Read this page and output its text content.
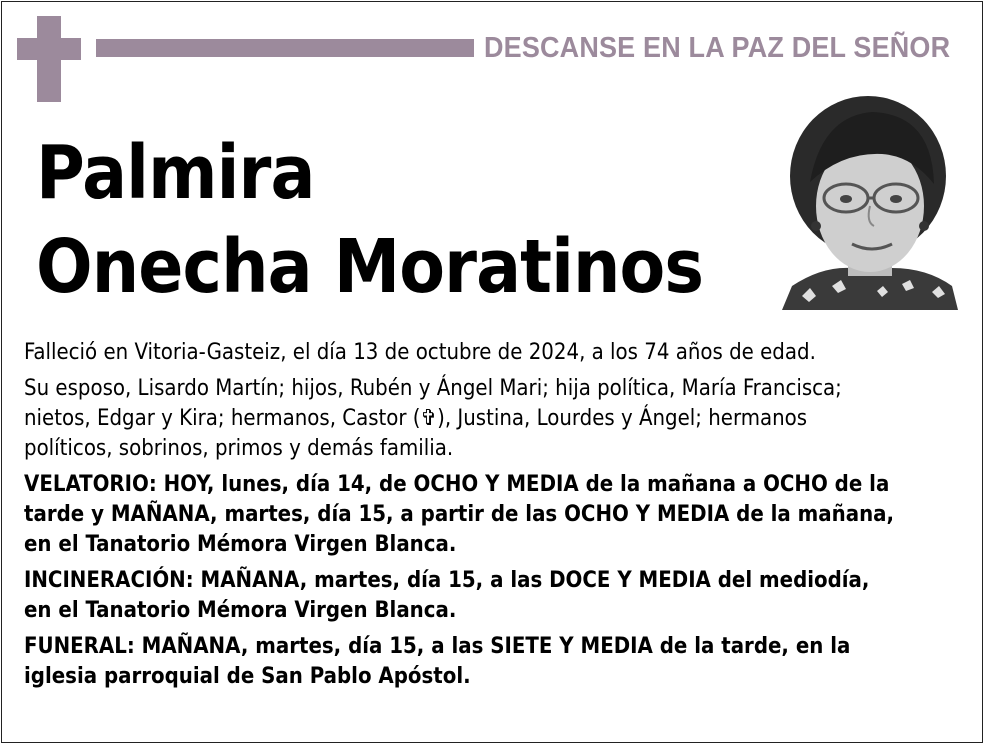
DESCANSE EN LA PAZ DEL SEÑOR
Palmira
Onecha Moratinos
Falleció en Vitoria-Gasteiz, el día 13 de octubre de 2024, a los 74 años de edad.
Su esposo, Lisardo Martín; hijos, Rubén y Ángel Mari; hija política, María Francisca;
nietos, Edgar y Kira; hermanos, Castor (✞), Justina, Lourdes y Ángel; hermanos
políticos, sobrinos, primos y demás familia.
VELATORIO: HOY, lunes, día 14, de OCHO Y MEDIA de la mañana a OCHO de la
tarde y MAÑANA, martes, día 15, a partir de las OCHO Y MEDIA de la mañana,
en el Tanatorio Mémora Virgen Blanca.
INCINERACIÓN: MAÑANA, martes, día 15, a las DOCE Y MEDIA del mediodía,
en el Tanatorio Mémora Virgen Blanca.
FUNERAL: MAÑANA, martes, día 15, a las SIETE Y MEDIA de la tarde, en la
iglesia parroquial de San Pablo Apóstol.
